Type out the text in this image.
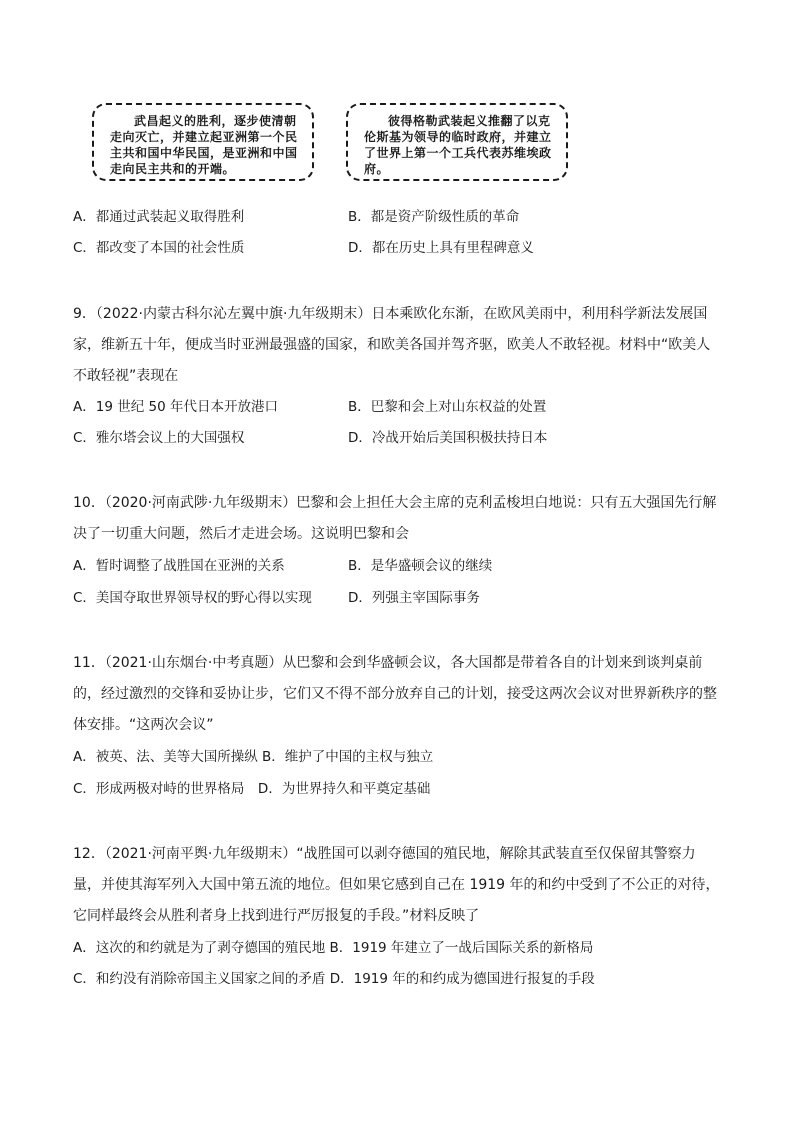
武昌起义的胜利，逐步使清朝走向灭亡，并建立起亚洲第一个民主共和国中华民国，是亚洲和中国走向民主共和的开端。
彼得格勒武装起义推翻了以克伦斯基为领导的临时政府，并建立了世界上第一个工兵代表苏维埃政府。
A．都通过武装起义取得胜利	B．都是资产阶级性质的革命
C．都改变了本国的社会性质	D．都在历史上具有里程碑意义
9．（2022·内蒙古科尔沁左翼中旗·九年级期末）日本乘欧化东渐，在欧风美雨中，利用科学新法发展国家，维新五十年，便成当时亚洲最强盛的国家，和欧美各国并驾齐驱，欧美人不敢轻视。材料中“欧美人不敢轻视”表现在
A．19 世纪 50 年代日本开放港口	B．巴黎和会上对山东权益的处置
C．雅尔塔会议上的大国强权	D．冷战开始后美国积极扶持日本
10．（2020·河南武陟·九年级期末）巴黎和会上担任大会主席的克利孟梭坦白地说：只有五大强国先行解决了一切重大问题，然后才走进会场。这说明巴黎和会
A．暂时调整了战胜国在亚洲的关系	B．是华盛顿会议的继续
C．美国夺取世界领导权的野心得以实现	D．列强主宰国际事务
11．（2021·山东烟台·中考真题）从巴黎和会到华盛顿会议，各大国都是带着各自的计划来到谈判桌前的，经过激烈的交锋和妥协让步，它们又不得不部分放弃自己的计划，接受这两次会议对世界新秩序的整体安排。“这两次会议”
A．被英、法、美等大国所操纵 B．维护了中国的主权与独立
C．形成两极对峙的世界格局　D．为世界持久和平奠定基础
12．（2021·河南平舆·九年级期末）“战胜国可以剥夺德国的殖民地，解除其武装直至仅保留其警察力量，并使其海军列入大国中第五流的地位。但如果它感到自己在 1919 年的和约中受到了不公正的对待，它同样最终会从胜利者身上找到进行严厉报复的手段。”材料反映了
A．这次的和约就是为了剥夺德国的殖民地 B．1919 年建立了一战后国际关系的新格局
C．和约没有消除帝国主义国家之间的矛盾 D．1919 年的和约成为德国进行报复的手段
